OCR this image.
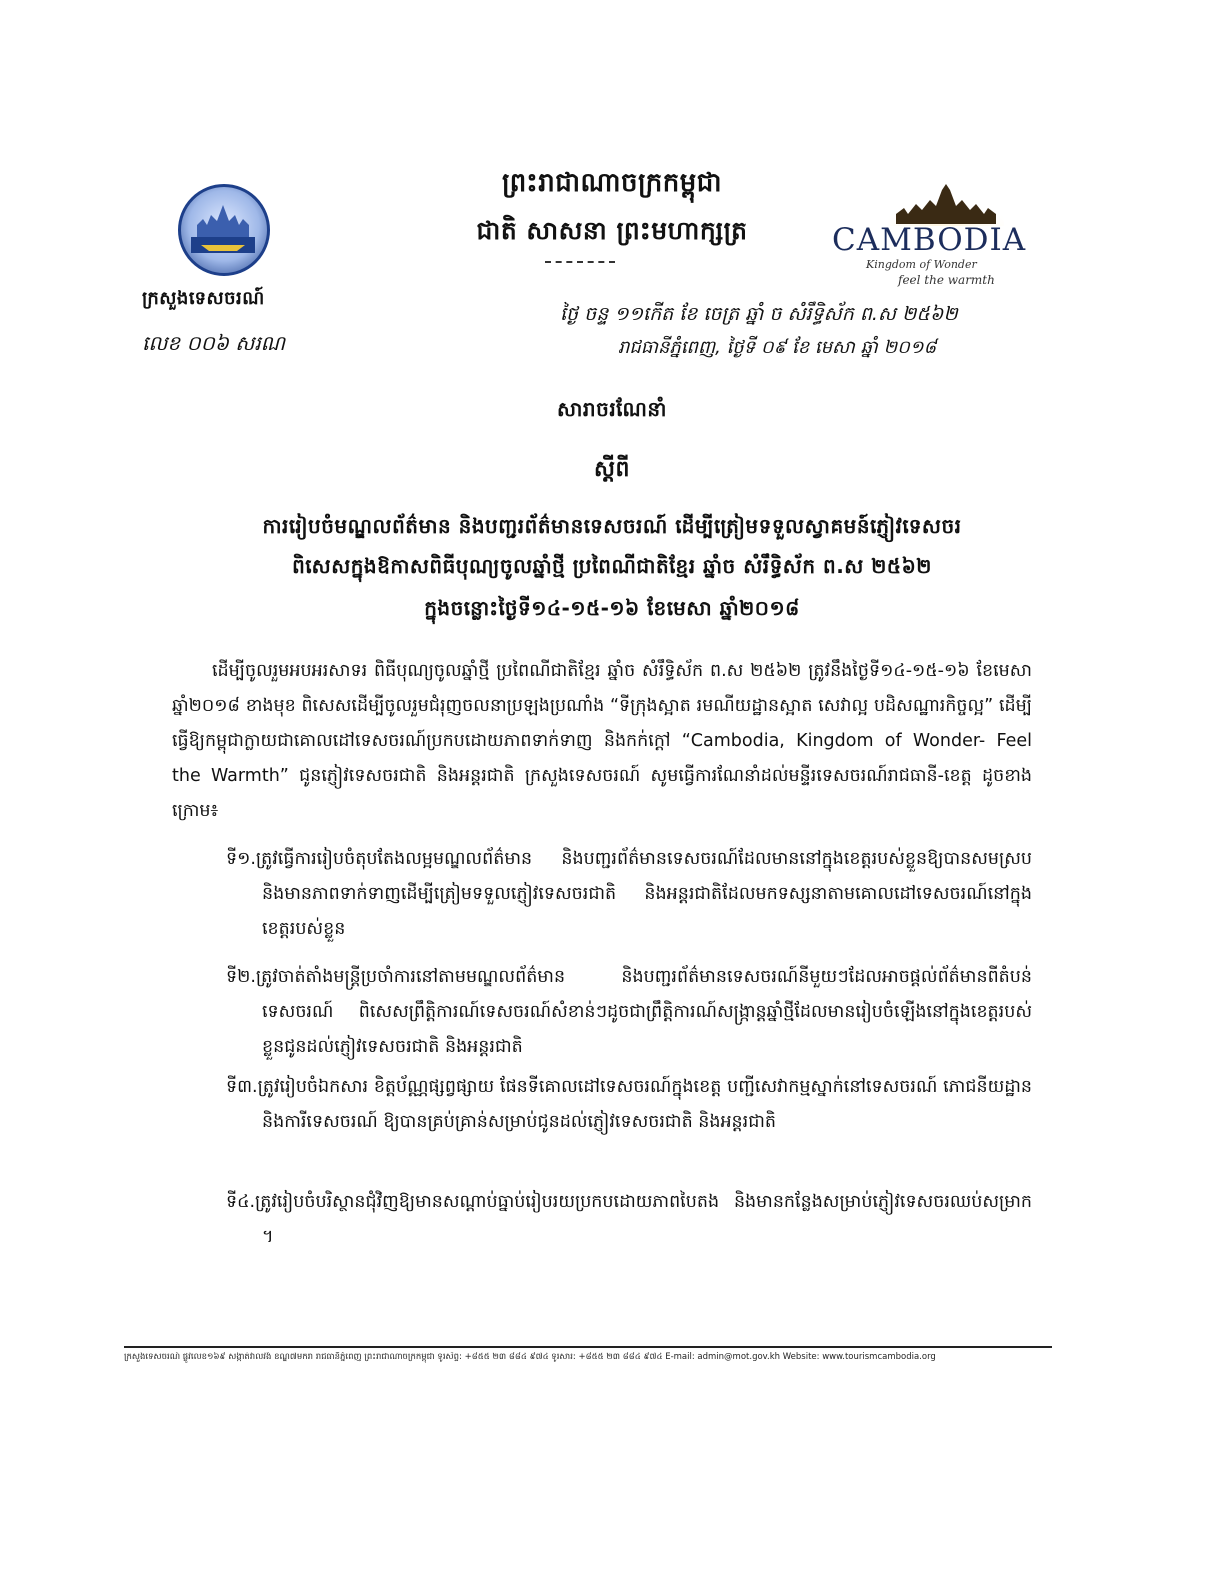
ព្រះរាជាណាចក្រកម្ពុជា
ជាតិ សាសនា ព្រះមហាក្សត្រ	CAMBODIA
Kingdom of Wonder
feel the warmth
ក្រសួងទេសចរណ៍
លេខ ០០៦ សរណ
ថ្ងៃ ចន្ទ ១១កើត ខែ ចេត្រ ឆ្នាំ ច សំរឹទ្ធិស័ក ព.ស ២៥៦២
រាជធានីភ្នំពេញ, ថ្ងៃទី ០៩ ខែ មេសា ឆ្នាំ ២០១៨
សារាចរណែនាំ
ស្តីពី
ការរៀបចំមណ្ឌលព័ត៌មាន និងបញ្ជរព័ត៌មានទេសចរណ៍ ដើម្បីត្រៀមទទួលស្វាគមន៍ភ្ញៀវទេសចរ
ពិសេសក្នុងឱកាសពិធីបុណ្យចូលឆ្នាំថ្មី ប្រពៃណីជាតិខ្មែរ ឆ្នាំច សំរឹទ្ធិស័ក ព.ស ២៥៦២
ក្នុងចន្លោះថ្ងៃទី១៤-១៥-១៦ ខែមេសា ឆ្នាំ២០១៨
ដើម្បីចូលរួមអបអរសាទរ ពិធីបុណ្យចូលឆ្នាំថ្មី ប្រពៃណីជាតិខ្មែរ ឆ្នាំច សំរឹទ្ធិស័ក ព.ស ២៥៦២ ត្រូវនឹងថ្ងៃទី១៤-១៥-១៦ ខែមេសា ឆ្នាំ២០១៨ ខាងមុខ ពិសេសដើម្បីចូលរួមជំរុញចលនាប្រឡងប្រណាំង “ទីក្រុងស្អាត រមណីយដ្ឋានស្អាត សេវាល្អ បដិសណ្ឋារកិច្ចល្អ” ដើម្បីធ្វើឱ្យកម្ពុជាក្លាយជាគោលដៅទេសចរណ៍ប្រកបដោយភាពទាក់ទាញ និងកក់ក្តៅ “Cambodia, Kingdom of Wonder- Feel the Warmth” ជូនភ្ញៀវទេសចរជាតិ និងអន្តរជាតិ ក្រសួងទេសចរណ៍ សូមធ្វើការណែនាំដល់មន្ទីរទេសចរណ៍រាជធានី-ខេត្ត ដូចខាងក្រោម៖
ទី១.ត្រូវធ្វើការរៀបចំតុបតែងលម្អមណ្ឌលព័ត៌មាន និងបញ្ជរព័ត៌មានទេសចរណ៍ដែលមាននៅក្នុងខេត្តរបស់ខ្លួនឱ្យបានសមស្រប និងមានភាពទាក់ទាញដើម្បីត្រៀមទទួលភ្ញៀវទេសចរជាតិ និងអន្តរជាតិដែលមកទស្សនាតាមគោលដៅទេសចរណ៍នៅក្នុងខេត្តរបស់ខ្លួន
ទី២.ត្រូវចាត់តាំងមន្ត្រីប្រចាំការនៅតាមមណ្ឌលព័ត៌មាន និងបញ្ជរព័ត៌មានទេសចរណ៍នីមួយៗដែលអាចផ្តល់ព័ត៌មានពីតំបន់ទេសចរណ៍ ពិសេសព្រឹត្តិការណ៍ទេសចរណ៍សំខាន់ៗដូចជាព្រឹត្តិការណ៍សង្ក្រាន្តឆ្នាំថ្មីដែលមានរៀបចំឡើងនៅក្នុងខេត្តរបស់ខ្លួនជូនដល់ភ្ញៀវទេសចរជាតិ និងអន្តរជាតិ
ទី៣.ត្រូវរៀបចំឯកសារ ខិត្តប័ណ្ណផ្សព្វផ្សាយ ផែនទីគោលដៅទេសចរណ៍ក្នុងខេត្ត បញ្ជីសេវាកម្មស្នាក់នៅទេសចរណ៍ ភោជនីយដ្ឋាន និងការីទេសចរណ៍ ឱ្យបានគ្រប់គ្រាន់សម្រាប់ជូនដល់ភ្ញៀវទេសចរជាតិ និងអន្តរជាតិ
ទី៤.ត្រូវរៀបចំបរិស្ថានជុំវិញឱ្យមានសណ្តាប់ធ្នាប់រៀបរយប្រកបដោយភាពបៃតង និងមានកន្លែងសម្រាប់ភ្ញៀវទេសចរឈប់សម្រាក ។
ក្រសួងទេសចរណ៍ ផ្លូវលេខ១៦៩ សង្កាត់វាលវង់ ខណ្ឌ៧មករា រាជធានីភ្នំពេញ ព្រះរាជាណាចក្រកម្ពុជា ទូរស័ព្ទ: +៨៥៥ ២៣ ៨៨៤ ៩៧៤ ទូរសារ: +៨៥៥ ២៣ ៨៨៤ ៩៧៤ E-mail: admin@mot.gov.kh Website: www.tourismcambodia.org
